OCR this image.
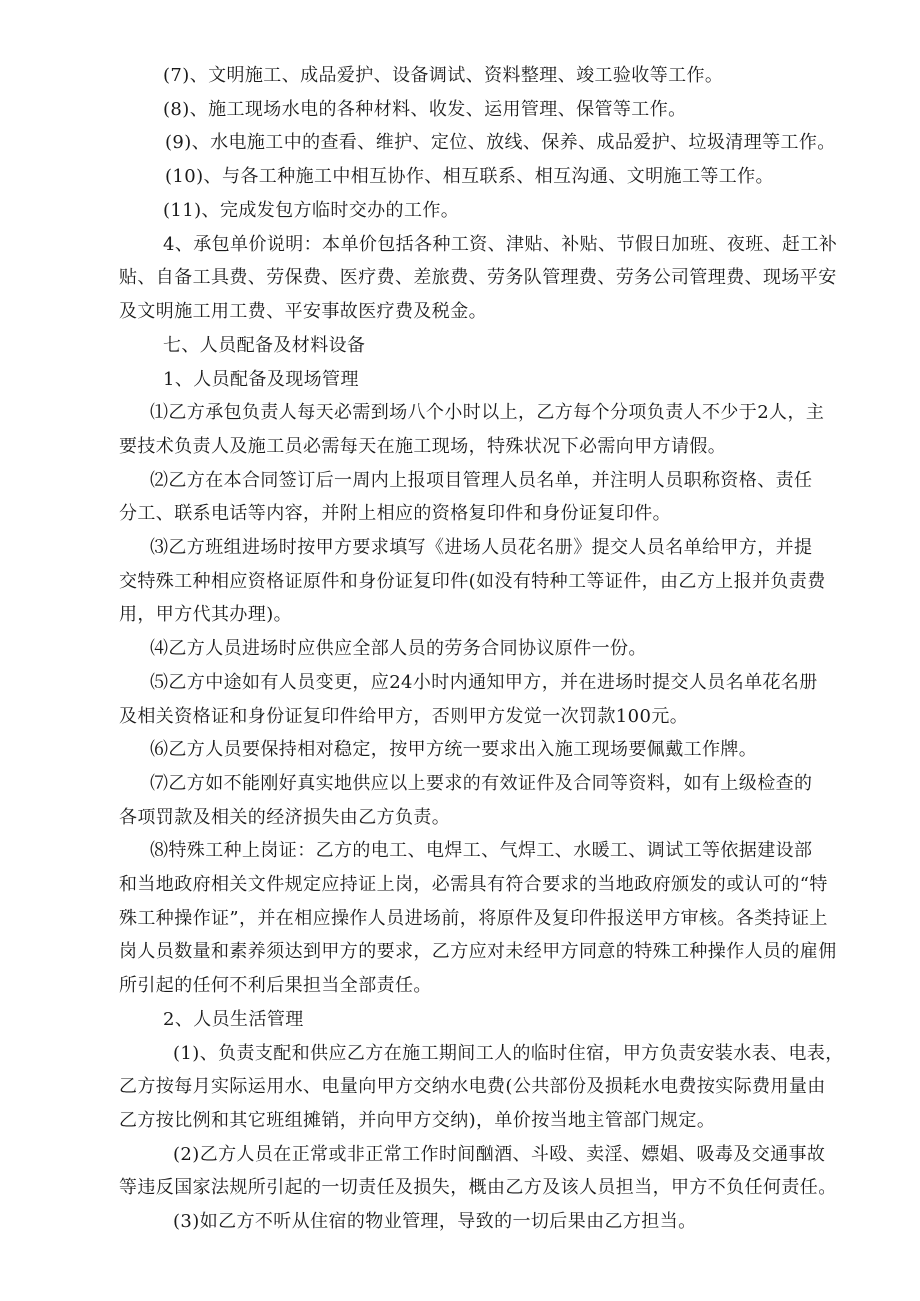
(7)、文明施工、成品爱护、设备调试、资料整理、竣工验收等工作。
(8)、施工现场水电的各种材料、收发、运用管理、保管等工作。
(9)、水电施工中的查看、维护、定位、放线、保养、成品爱护、垃圾清理等工作。
(10)、与各工种施工中相互协作、相互联系、相互沟通、文明施工等工作。
(11)、完成发包方临时交办的工作。
4、承包单价说明：本单价包括各种工资、津贴、补贴、节假日加班、夜班、赶工补
贴、自备工具费、劳保费、医疗费、差旅费、劳务队管理费、劳务公司管理费、现场平安
及文明施工用工费、平安事故医疗费及税金。
七、人员配备及材料设备
1、人员配备及现场管理
⑴乙方承包负责人每天必需到场八个小时以上，乙方每个分项负责人不少于2人，主
要技术负责人及施工员必需每天在施工现场，特殊状况下必需向甲方请假。
⑵乙方在本合同签订后一周内上报项目管理人员名单，并注明人员职称资格、责任
分工、联系电话等内容，并附上相应的资格复印件和身份证复印件。
⑶乙方班组进场时按甲方要求填写《进场人员花名册》提交人员名单给甲方，并提
交特殊工种相应资格证原件和身份证复印件(如没有特种工等证件，由乙方上报并负责费
用，甲方代其办理)。
⑷乙方人员进场时应供应全部人员的劳务合同协议原件一份。
⑸乙方中途如有人员变更，应24小时内通知甲方，并在进场时提交人员名单花名册
及相关资格证和身份证复印件给甲方，否则甲方发觉一次罚款100元。
⑹乙方人员要保持相对稳定，按甲方统一要求出入施工现场要佩戴工作牌。
⑺乙方如不能刚好真实地供应以上要求的有效证件及合同等资料，如有上级检查的
各项罚款及相关的经济损失由乙方负责。
⑻特殊工种上岗证：乙方的电工、电焊工、气焊工、水暖工、调试工等依据建设部
和当地政府相关文件规定应持证上岗，必需具有符合要求的当地政府颁发的或认可的“特
殊工种操作证”，并在相应操作人员进场前，将原件及复印件报送甲方审核。各类持证上
岗人员数量和素养须达到甲方的要求，乙方应对未经甲方同意的特殊工种操作人员的雇佣
所引起的任何不利后果担当全部责任。
2、人员生活管理
(1)、负责支配和供应乙方在施工期间工人的临时住宿，甲方负责安装水表、电表，
乙方按每月实际运用水、电量向甲方交纳水电费(公共部份及损耗水电费按实际费用量由
乙方按比例和其它班组摊销，并向甲方交纳)，单价按当地主管部门规定。
(2)乙方人员在正常或非正常工作时间酗酒、斗殴、卖淫、嫖娼、吸毒及交通事故
等违反国家法规所引起的一切责任及损失，概由乙方及该人员担当，甲方不负任何责任。
(3)如乙方不听从住宿的物业管理，导致的一切后果由乙方担当。
